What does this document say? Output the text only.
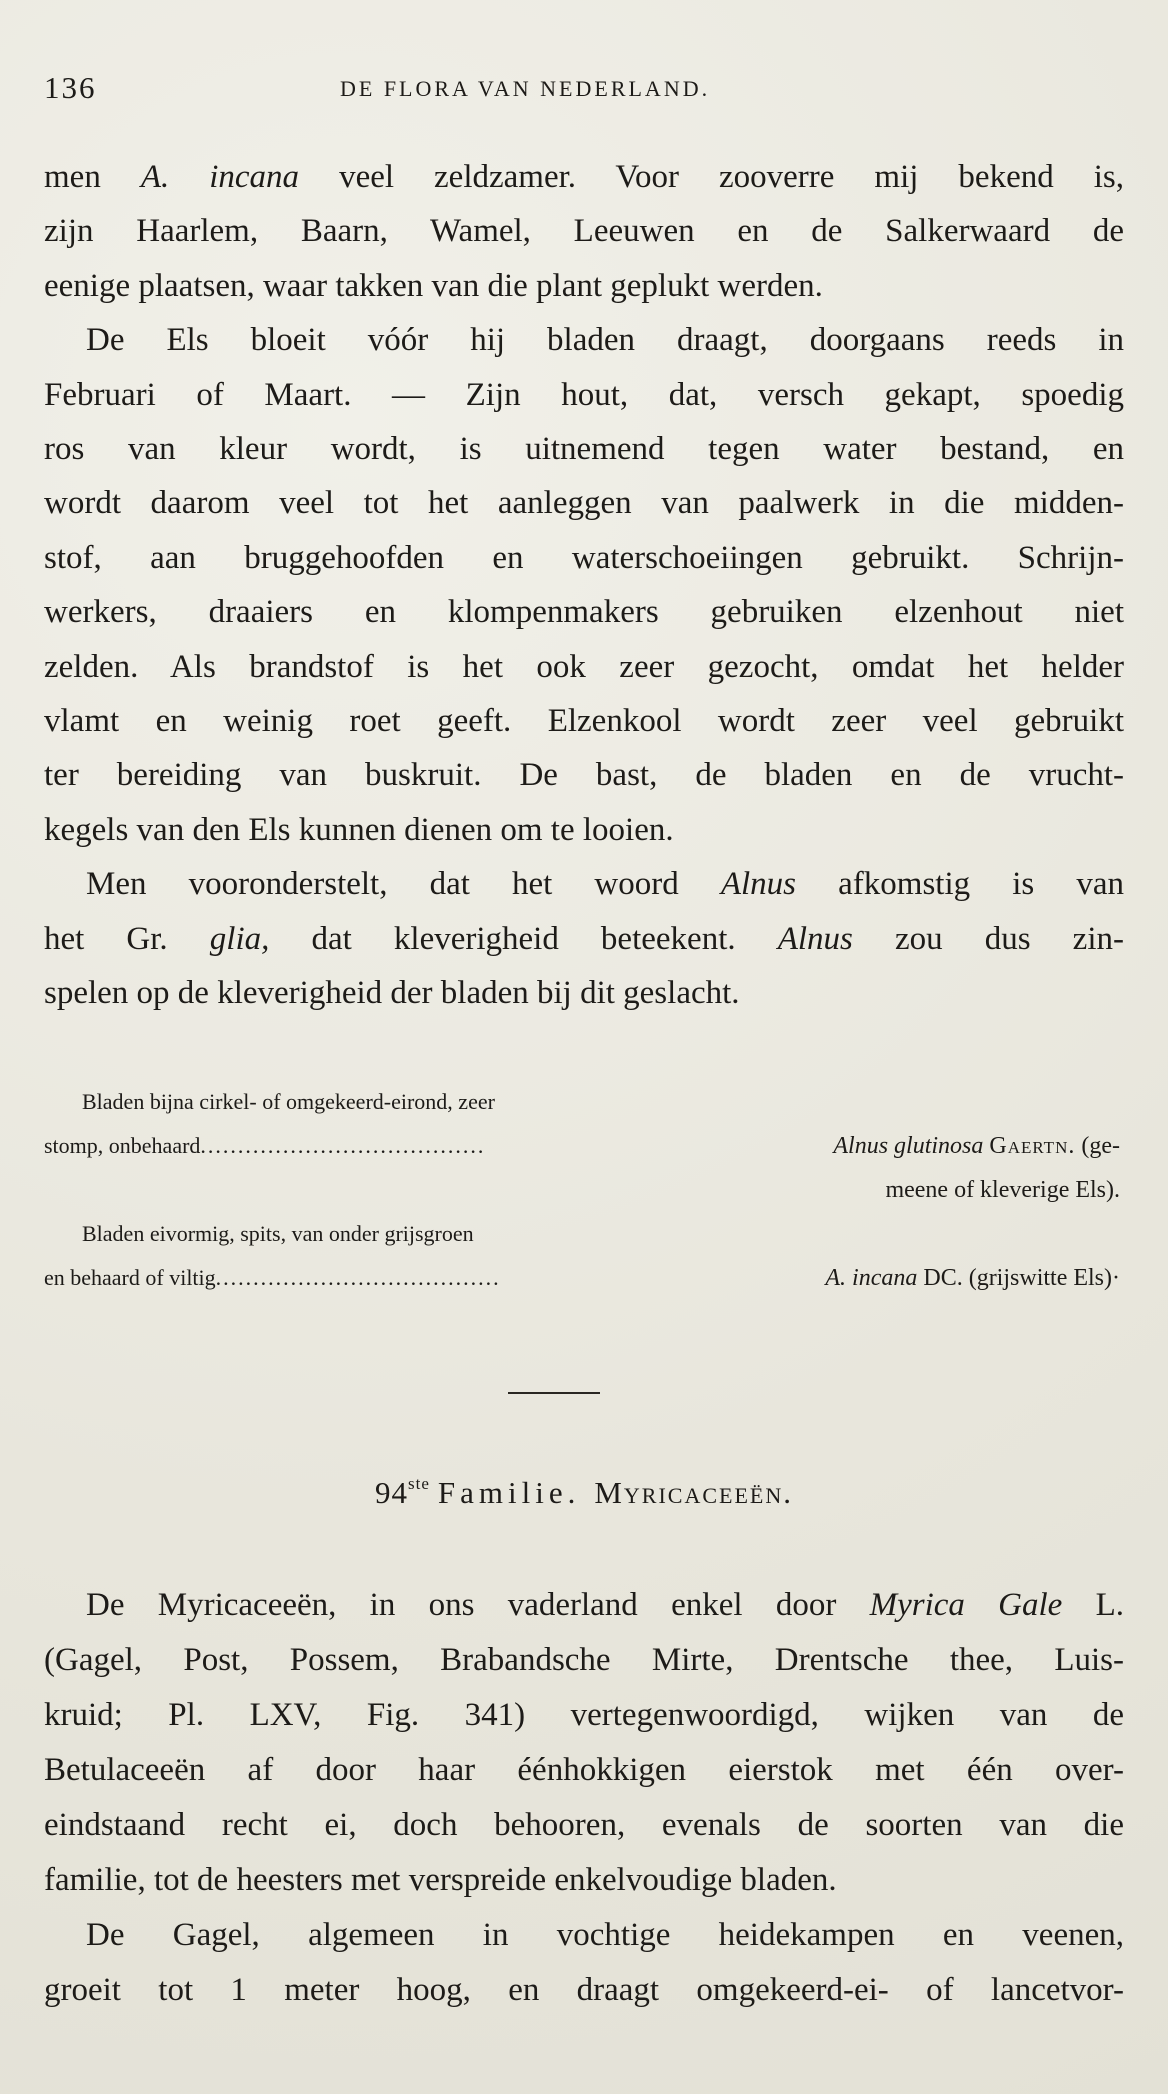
136	DE FLORA VAN NEDERLAND.

men A. incana veel zeldzamer. Voor zooverre mij bekend is,
zijn Haarlem, Baarn, Wamel, Leeuwen en de Salkerwaard de
eenige plaatsen, waar takken van die plant geplukt werden.

De Els bloeit vóór hij bladen draagt, doorgaans reeds in
Februari of Maart. — Zijn hout, dat, versch gekapt, spoedig
ros van kleur wordt, is uitnemend tegen water bestand, en
wordt daarom veel tot het aanleggen van paalwerk in die midden-
stof, aan bruggehoofden en waterschoeiingen gebruikt. Schrijn-
werkers, draaiers en klompenmakers gebruiken elzenhout niet
zelden. Als brandstof is het ook zeer gezocht, omdat het helder
vlamt en weinig roet geeft. Elzenkool wordt zeer veel gebruikt
ter bereiding van buskruit. De bast, de bladen en de vrucht-
kegels van den Els kunnen dienen om te looien.

Men vooronderstelt, dat het woord Alnus afkomstig is van
het Gr. glia, dat kleverigheid beteekent. Alnus zou dus zin-
spelen op de kleverigheid der bladen bij dit geslacht.

Bladen bijna cirkel- of omgekeerd-eirond, zeer
stomp, onbehaard......................................	Alnus glutinosa Gaertn. (ge-
meene of kleverige Els).
Bladen eivormig, spits, van onder grijsgroen
en behaard of viltig......................................	A. incana DC. (grijswitte Els)·
94ste Familie. Myricaceeën.

De Myricaceeën, in ons vaderland enkel door Myrica Gale L.
(Gagel, Post, Possem, Brabandsche Mirte, Drentsche thee, Luis-
kruid; Pl. LXV, Fig. 341) vertegenwoordigd, wijken van de
Betulaceeën af door haar éénhokkigen eierstok met één over-
eindstaand recht ei, doch behooren, evenals de soorten van die
familie, tot de heesters met verspreide enkelvoudige bladen.

De Gagel, algemeen in vochtige heidekampen en veenen,
groeit tot 1 meter hoog, en draagt omgekeerd-ei- of lancetvor-
